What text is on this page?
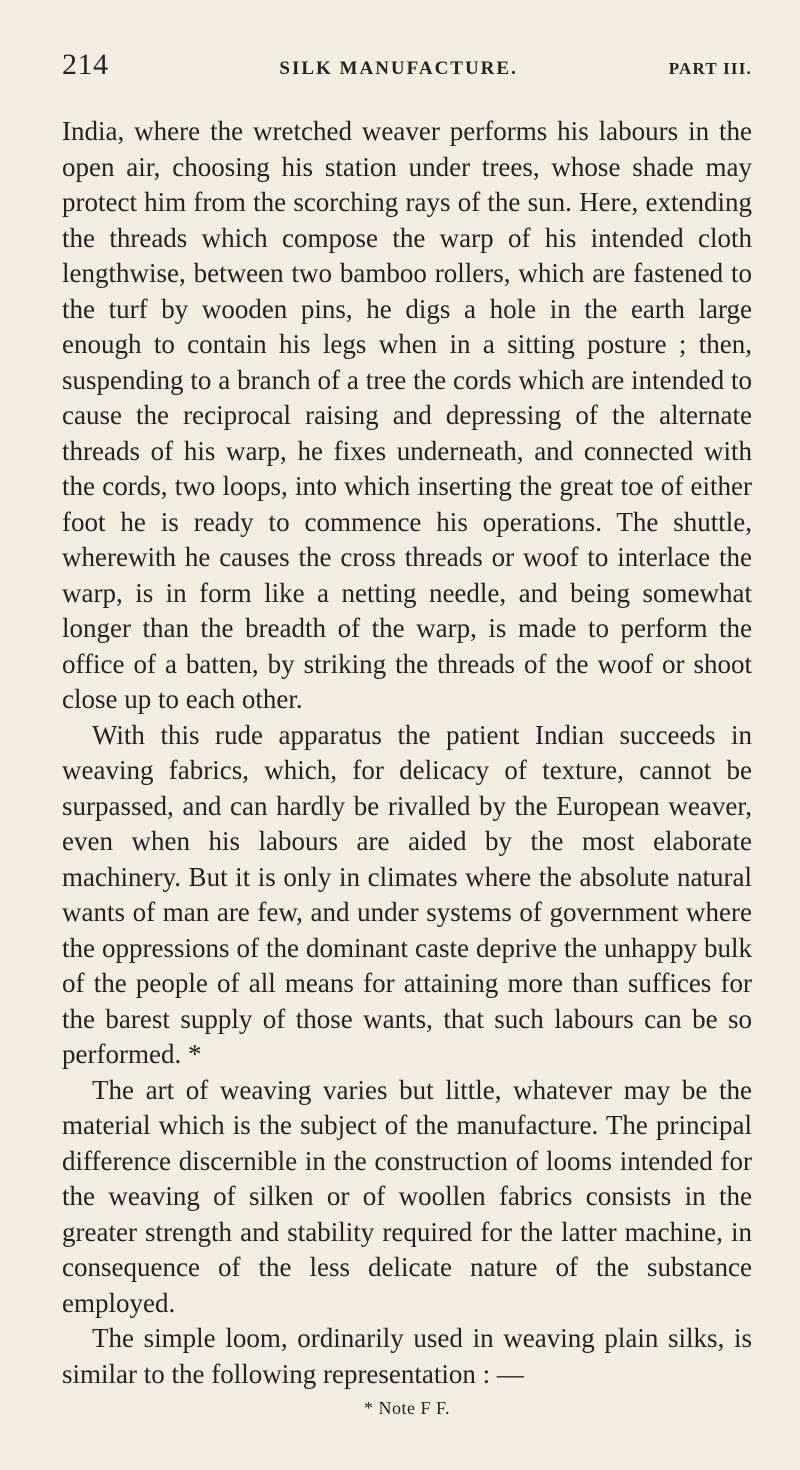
214	SILK MANUFACTURE.	PART III.

India, where the wretched weaver performs his labours in the open air, choosing his station under trees, whose shade may protect him from the scorching rays of the sun. Here, extending the threads which compose the warp of his intended cloth lengthwise, between two bamboo rollers, which are fastened to the turf by wooden pins, he digs a hole in the earth large enough to contain his legs when in a sitting posture ; then, suspending to a branch of a tree the cords which are intended to cause the reciprocal raising and depressing of the alternate threads of his warp, he fixes underneath, and connected with the cords, two loops, into which inserting the great toe of either foot he is ready to commence his operations. The shuttle, wherewith he causes the cross threads or woof to interlace the warp, is in form like a netting needle, and being somewhat longer than the breadth of the warp, is made to perform the office of a batten, by striking the threads of the woof or shoot close up to each other.

With this rude apparatus the patient Indian succeeds in weaving fabrics, which, for delicacy of texture, cannot be surpassed, and can hardly be rivalled by the European weaver, even when his labours are aided by the most elaborate machinery. But it is only in climates where the absolute natural wants of man are few, and under systems of government where the oppressions of the dominant caste deprive the unhappy bulk of the people of all means for attaining more than suffices for the barest supply of those wants, that such labours can be so performed. *

The art of weaving varies but little, whatever may be the material which is the subject of the manufacture. The principal difference discernible in the construction of looms intended for the weaving of silken or of woollen fabrics consists in the greater strength and stability required for the latter machine, in consequence of the less delicate nature of the substance employed.

The simple loom, ordinarily used in weaving plain silks, is similar to the following representation : —

* Note F F.
